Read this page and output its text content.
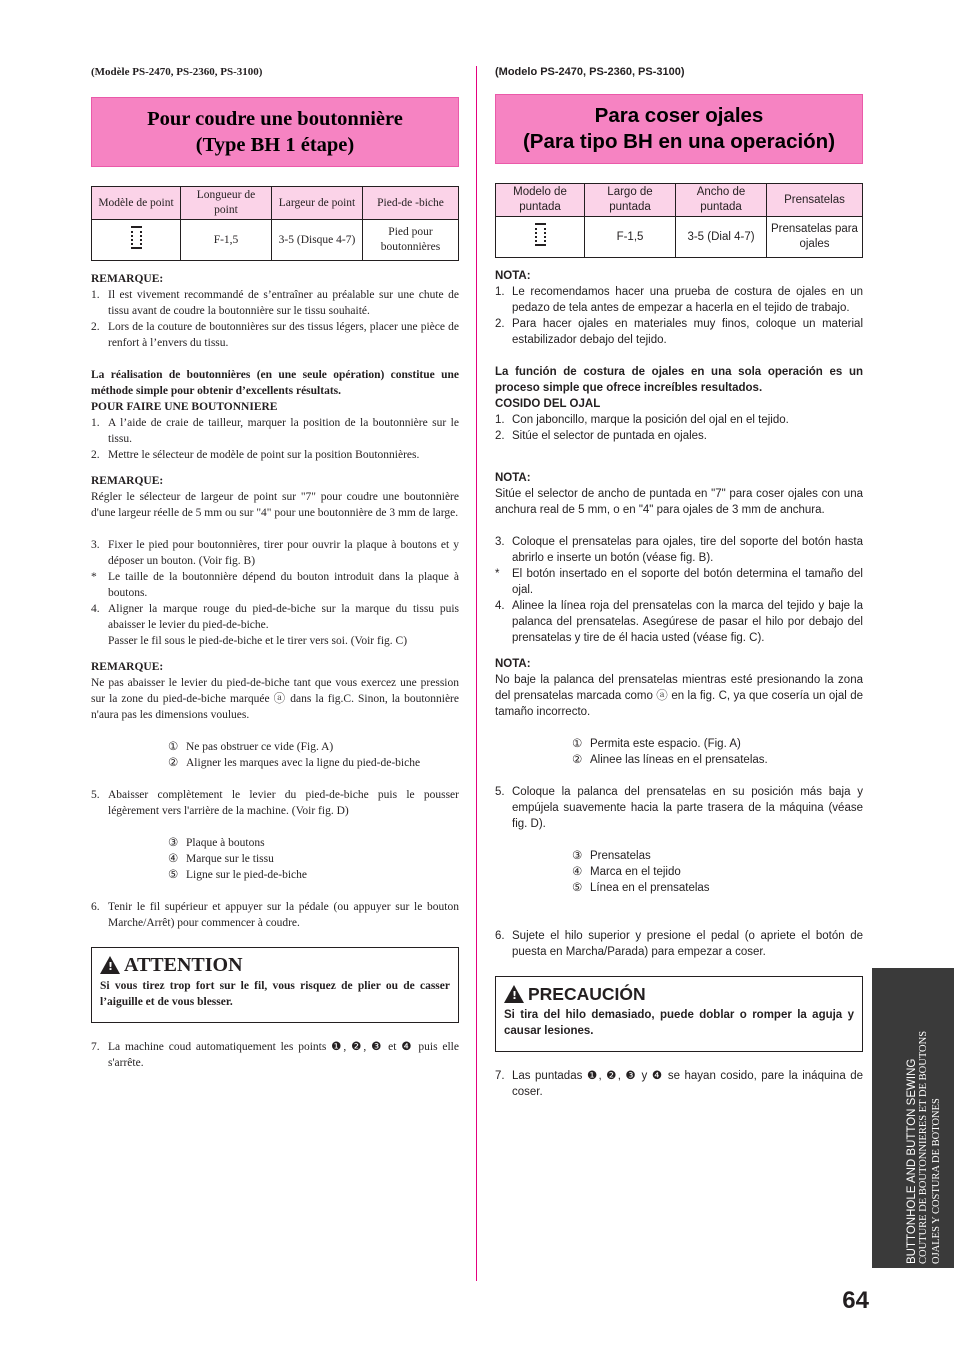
(Modèle PS-2470, PS-2360, PS-3100)
Pour coudre une boutonnière
(Type BH 1 étape)
Modèle de point	Longueur de point	Largeur de point	Pied-de -biche
	F-1,5	3-5 (Disque 4-7)	Pied pour boutonnières

REMARQUE:

1. Il est vivement recommandé de s’entraîner au préalable sur une chute de tissu avant de coudre la boutonnière sur le tissu souhaité.
2. Lors de la couture de boutonnières sur des tissus légers, placer une pièce de renfort à l’envers du tissu.

La réalisation de boutonnières (en une seule opération) constitue une méthode simple pour obtenir d’excellents résultats.

POUR FAIRE UNE BOUTONNIERE

1. A l’aide de craie de tailleur, marquer la position de la boutonnière sur le tissu.
2. Mettre le sélecteur de modèle de point sur la position Boutonnières.

REMARQUE:

Régler le sélecteur de largeur de point sur "7" pour coudre une boutonnière d'une largeur réelle de 5 mm ou sur "4" pour une boutonnière de 3 mm de large.

3. Fixer le pied pour boutonnières, tirer pour ouvrir la plaque à boutons et y déposer un bouton. (Voir fig. B)
* Le taille de la boutonnière dépend du bouton introduit dans la plaque à boutons.
4. Aligner la marque rouge du pied-de-biche sur la marque du tissu puis abaisser le levier du pied-de-biche.
Passer le fil sous le pied-de-biche et le tirer vers soi. (Voir fig. C)

REMARQUE:

Ne pas abaisser le levier du pied-de-biche tant que vous exercez une pression sur la zone du pied-de-biche marquée ⓐ dans la fig.C. Sinon, la boutonnière n'aura pas les dimensions voulues.

① Ne pas obstruer ce vide (Fig. A)
② Aligner les marques avec la ligne du pied-de-biche
5. Abaisser complètement le levier du pied-de-biche puis le pousser légèrement vers l'arrière de la machine. (Voir fig. D)
③ Plaque à boutons
④ Marque sur le tissu
⑤ Ligne sur le pied-de-biche
6. Tenir le fil supérieur et appuyer sur la pédale (ou appuyer sur le bouton Marche/Arrêt) pour commencer à coudre.
! ATTENTION
Si vous tirez trop fort sur le fil, vous risquez de plier ou de casser l’aiguille et de vous blesser.
7. La machine coud automatiquement les points ❶, ❷, ❸ et ❹ puis elle s'arrête.
(Modelo PS-2470, PS-2360, PS-3100)
Para coser ojales
(Para tipo BH en una operación)
Modelo de puntada	Largo de puntada	Ancho de puntada	Prensatelas
	F-1,5	3-5 (Dial 4-7)	Prensatelas para ojales

NOTA:

1. Le recomendamos hacer una prueba de costura de ojales en un pedazo de tela antes de empezar a hacerla en el tejido de trabajo.
2. Para hacer ojales en materiales muy finos, coloque un material estabilizador debajo del tejido.

La función de costura de ojales en una sola operación es un proceso simple que ofrece increíbles resultados.

COSIDO DEL OJAL

1. Con jaboncillo, marque la posición del ojal en el tejido.
2. Sitúe el selector de puntada en ojales.

NOTA:

Sitúe el selector de ancho de puntada en "7" para coser ojales con una anchura real de 5 mm, o en "4" para ojales de 3 mm de anchura.

3. Coloque el prensatelas para ojales, tire del soporte del botón hasta abrirlo e inserte un botón (véase fig. B).
*	El botón insertado en el soporte del botón determina el tamaño del ojal.
4. Alinee la línea roja del prensatelas con la marca del tejido y baje la palanca del prensatelas. Asegúrese de pasar el hilo por debajo del prensatelas y tire de él hacia usted (véase fig. C).

NOTA:

No baje la palanca del prensatelas mientras esté presionando la zona del prensatelas marcada como ⓐ en la fig. C, ya que cosería un ojal de tamaño incorrecto.

① Permita este espacio. (Fig. A)
② Alinee las líneas en el prensatelas.
5. Coloque la palanca del prensatelas en su posición más baja y empújela suavemente hacia la parte trasera de la máquina (véase fig. D).
③ Prensatelas
④ Marca en el tejido
⑤ Línea en el prensatelas
6. Sujete el hilo superior y presione el pedal (o apriete el botón de puesta en Marcha/Parada) para empezar a coser.
! PRECAUCIÓN
Si tira del hilo demasiado, puede doblar o romper la aguja y causar lesiones.
7. Las puntadas ❶, ❷, ❸ y ❹ se hayan cosido, pare la ináquina de coser.	BUTTONHOLE AND BUTTON SEWING COUTURE DE BOUTONNIERES ET DE BOUTONS OJALES Y COSTURA DE BOTONES
64
